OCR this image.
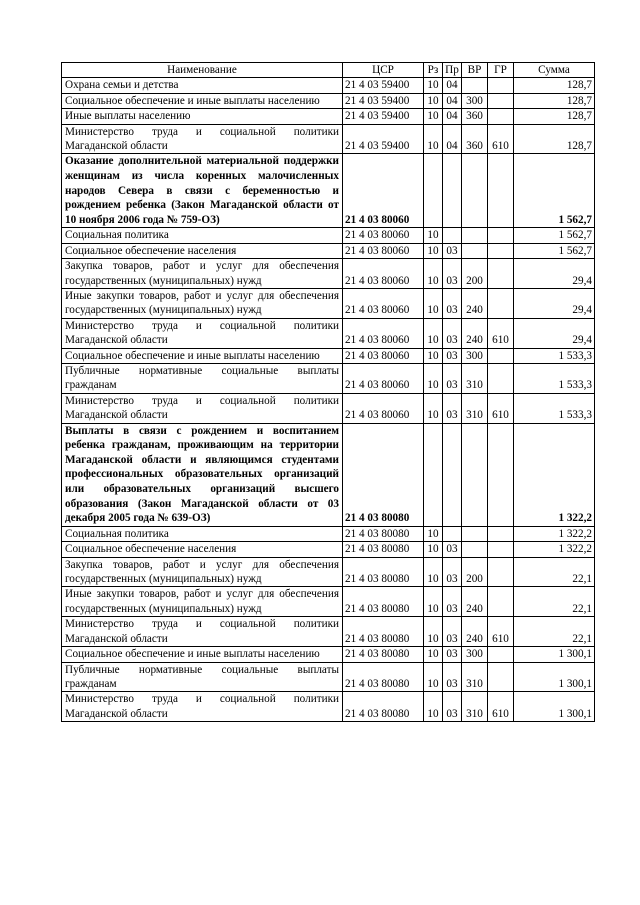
Наименование	ЦСР	Рз	Пр	ВР	ГР	Сумма
Охрана семьи и детства	21 4 03 59400	10	04			128,7
Социальное обеспечение и иные выплаты населению	21 4 03 59400	10	04	300		128,7
Иные выплаты населению	21 4 03 59400	10	04	360		128,7
Министерство труда и социальной политики Магаданской области	21 4 03 59400	10	04	360	610	128,7
Оказание дополнительной материальной поддержки женщинам из числа коренных малочисленных народов Севера в связи с беременностью и рождением ребенка (Закон Магаданской области от 10 ноября 2006 года № 759-ОЗ)	21 4 03 80060					1 562,7
Социальная политика	21 4 03 80060	10				1 562,7
Социальное обеспечение населения	21 4 03 80060	10	03			1 562,7
Закупка товаров, работ и услуг для обеспечения государственных (муниципальных) нужд	21 4 03 80060	10	03	200		29,4
Иные закупки товаров, работ и услуг для обеспечения государственных (муниципальных) нужд	21 4 03 80060	10	03	240		29,4
Министерство труда и социальной политики Магаданской области	21 4 03 80060	10	03	240	610	29,4
Социальное обеспечение и иные выплаты населению	21 4 03 80060	10	03	300		1 533,3
Публичные нормативные социальные выплаты гражданам	21 4 03 80060	10	03	310		1 533,3
Министерство труда и социальной политики Магаданской области	21 4 03 80060	10	03	310	610	1 533,3
Выплаты в связи с рождением и воспитанием ребенка гражданам, проживающим на территории Магаданской области и являющимся студентами профессиональных образовательных организаций или образовательных организаций высшего образования (Закон Магаданской области от 03 декабря 2005 года № 639-ОЗ)	21 4 03 80080					1 322,2
Социальная политика	21 4 03 80080	10				1 322,2
Социальное обеспечение населения	21 4 03 80080	10	03			1 322,2
Закупка товаров, работ и услуг для обеспечения государственных (муниципальных) нужд	21 4 03 80080	10	03	200		22,1
Иные закупки товаров, работ и услуг для обеспечения государственных (муниципальных) нужд	21 4 03 80080	10	03	240		22,1
Министерство труда и социальной политики Магаданской области	21 4 03 80080	10	03	240	610	22,1
Социальное обеспечение и иные выплаты населению	21 4 03 80080	10	03	300		1 300,1
Публичные нормативные социальные выплаты гражданам	21 4 03 80080	10	03	310		1 300,1
Министерство труда и социальной политики Магаданской области	21 4 03 80080	10	03	310	610	1 300,1
